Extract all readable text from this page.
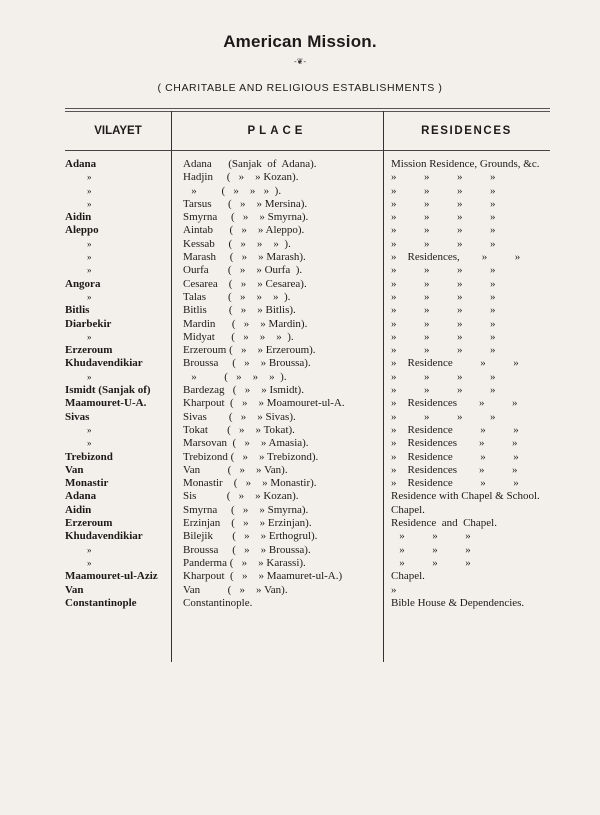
American Mission.
-❦-
( CHARITABLE AND RELIGIOUS ESTABLISHMENTS )
VILAYET	PLACE	RESIDENCES
Adana	Adana      (Sanjak  of  Adana).	Mission Residence, Grounds, &c.
»	Hadjin     (   »    » Kozan).	»          »          »          »
»	»         (   »    »   »  ).	»          »          »          »
»	Tarsus      (   »    » Mersina).	»          »          »          »
Aidin	Smyrna     (   »    » Smyrna).	»          »          »          »
Aleppo	Aintab      (   »    » Aleppo).	»          »          »          »
»	Kessab     (   »    »    »  ).	»          »          »          »
»	Marash     (   »    » Marash).	»    Residences,        »          »
»	Ourfa       (   »    » Ourfa  ).	»          »          »          »
Angora	Cesarea    (   »    » Cesarea).	»          »          »          »
»	Talas        (   »    »    »  ).	»          »          »          »
Bitlis	Bitlis        (   »    » Bitlis).	»          »          »          »
Diarbekir	Mardin      (   »    » Mardin).	»          »          »          »
»	Midyat      (   »    »    »  ).	»          »          »          »
Erzeroum	Erzeroum (   »    » Erzeroum).	»          »          »          »
Khudavendikiar	Broussa     (   »    » Broussa).	»    Residence          »          »
»	»          (   »    »    »  ).	»          »          »          »
Ismidt (Sanjak of)	Bardezag   (   »    » Ismidt).	»          »          »          »
Maamouret-U-A.	Kharpout  (   »    » Moamouret-ul-A.	»    Residences        »          »
Sivas	Sivas        (   »    » Sivas).	»          »          »          »
»	Tokat       (   »    » Tokat).	»    Residence          »          »
»	Marsovan  (   »    » Amasia).	»    Residences        »          »
Trebizond	Trebizond (   »    » Trebizond).	»    Residence          »          »
Van	Van          (   »    » Van).	»    Residences        »          »
Monastir	Monastir    (   »    » Monastir).	»    Residence          »          »
Adana	Sis           (   »    » Kozan).	Residence with Chapel & School.
Aidin	Smyrna     (   »    » Smyrna).	Chapel.
Erzeroum	Erzinjan    (   »    » Erzinjan).	Residence  and  Chapel.
Khudavendikiar	Bilejik       (   »    » Erthogrul).	»          »          »
»	Broussa     (   »    » Broussa).	»          »          »
»	Panderma (   »    » Karassi).	»          »          »
Maamouret-ul-Aziz Kharpout  (   »    » Maamuret-ul-A.)	Chapel.
Van	Van          (   »    » Van).	»
Constantinople	Constantinople.	Bible House & Dependencies.
